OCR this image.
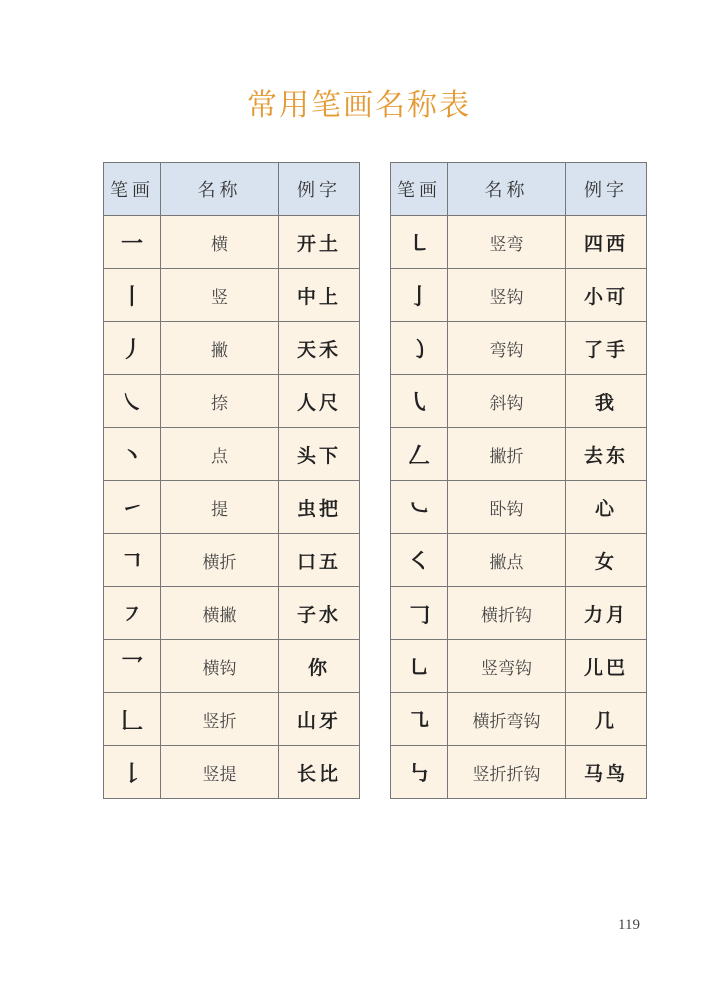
常用笔画名称表
笔画	名称	例字
一	横	开土
丨	竖	中上
丿	撇	天禾
㇏	捺	人尺
丶	点	头下
㇀	提	虫把
𠃍	横折	口五
㇇	横撇	子水
乛	横钩	你
𠃊	竖折	山牙
𠄌	竖提	长比
笔画	名称	例字
㇄	竖弯	四西
亅	竖钩	小可
㇁	弯钩	了手
㇂	斜钩	我
𠃋	撇折	去东
㇃	卧钩	心
㇛	撇点	女
𠃌	横折钩	力月
㇟	竖弯钩	儿巴
㇈	横折弯钩	几
㇉	竖折折钩	马鸟
119
